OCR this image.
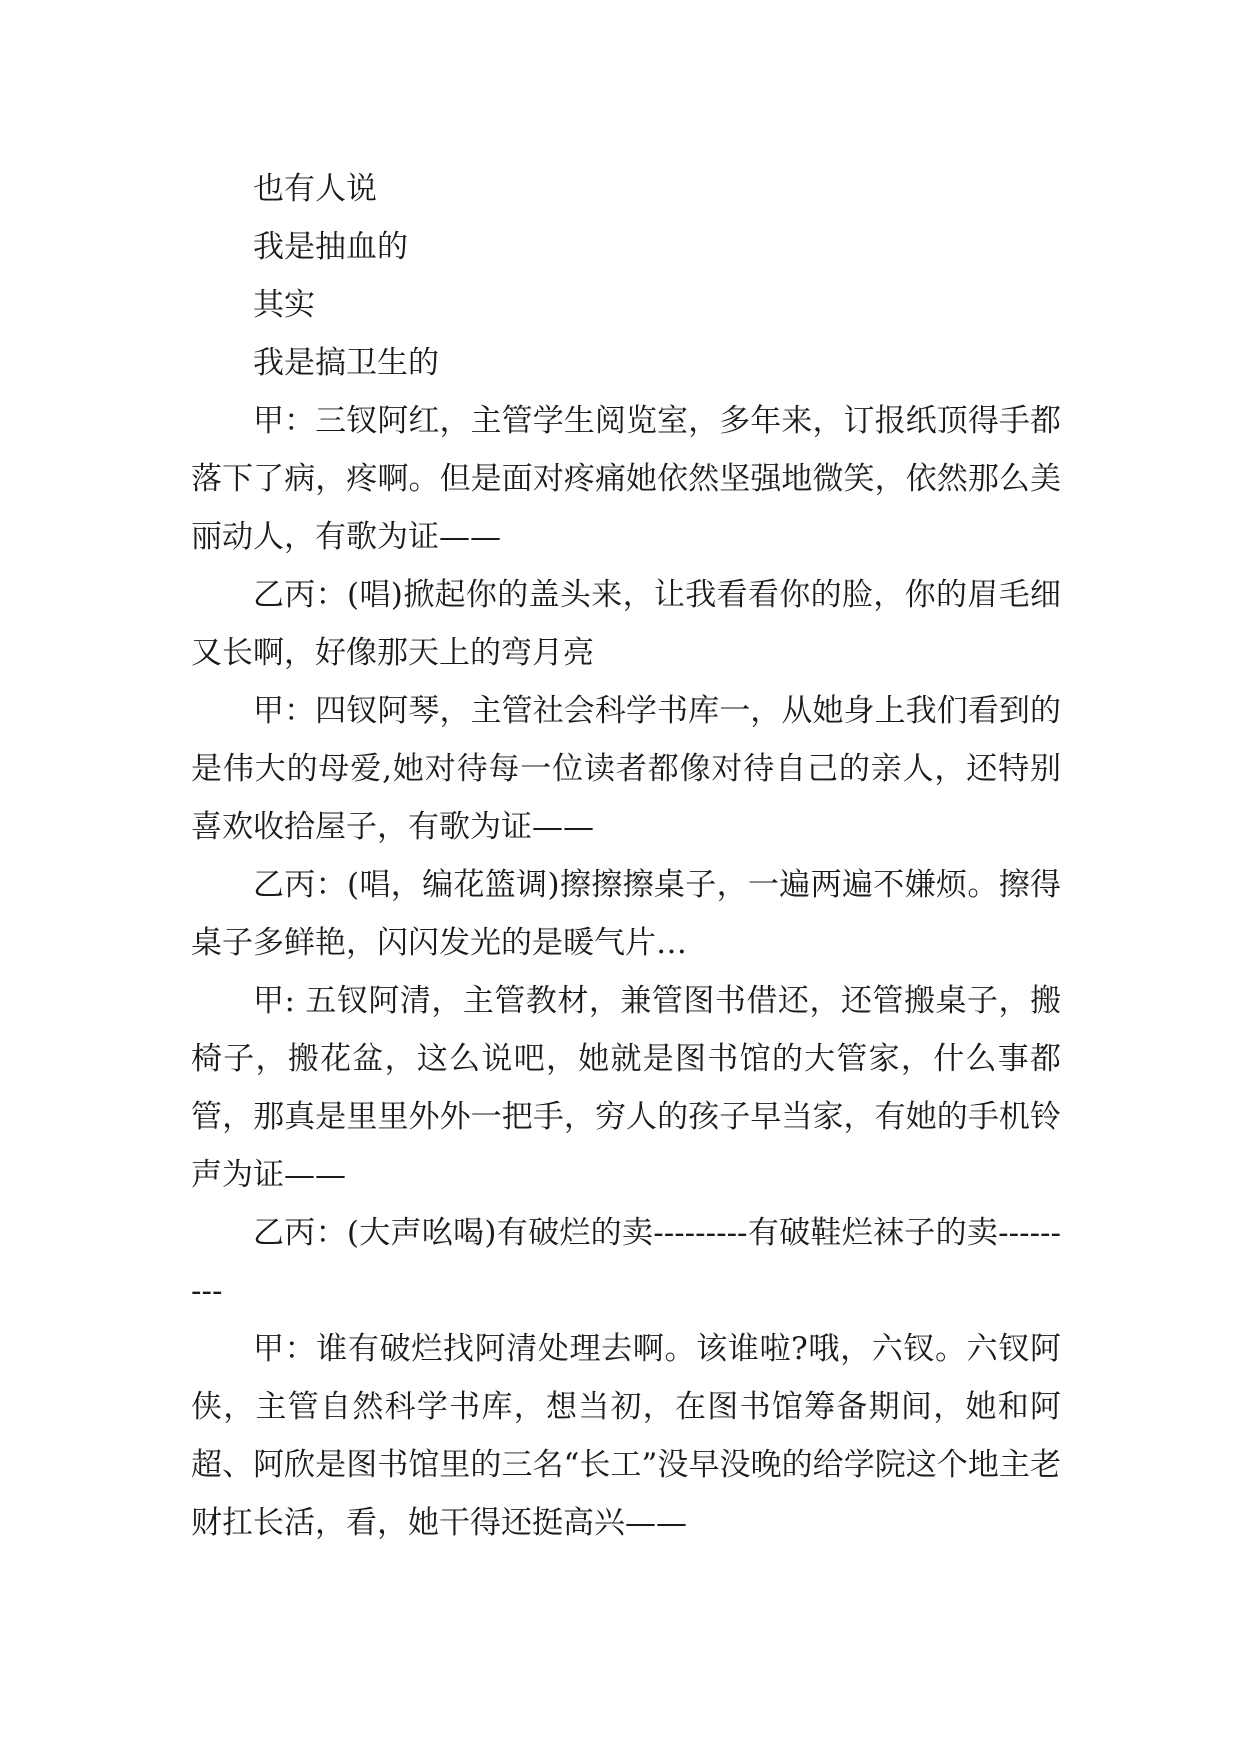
也有人说

我是抽血的

其实

我是搞卫生的

甲：三钗阿红，主管学生阅览室，多年来，订报纸顶得手都落下了病，疼啊。但是面对疼痛她依然坚强地微笑，依然那么美丽动人，有歌为证——

乙丙：(唱)掀起你的盖头来，让我看看你的脸，你的眉毛细又长啊，好像那天上的弯月亮

甲：四钗阿琴，主管社会科学书库一，从她身上我们看到的是伟大的母爱,她对待每一位读者都像对待自己的亲人，还特别喜欢收拾屋子，有歌为证——

乙丙：(唱，编花篮调)擦擦擦桌子，一遍两遍不嫌烦。擦得桌子多鲜艳，闪闪发光的是暖气片…

甲: 五钗阿清，主管教材，兼管图书借还，还管搬桌子，搬椅子，搬花盆，这么说吧，她就是图书馆的大管家，什么事都管，那真是里里外外一把手，穷人的孩子早当家，有她的手机铃声为证——

乙丙：(大声吆喝)有破烂的卖---------有破鞋烂袜子的卖---------

甲：谁有破烂找阿清处理去啊。该谁啦?哦，六钗。六钗阿侠，主管自然科学书库，想当初，在图书馆筹备期间，她和阿超、阿欣是图书馆里的三名“长工”没早没晚的给学院这个地主老财扛长活，看，她干得还挺高兴——
